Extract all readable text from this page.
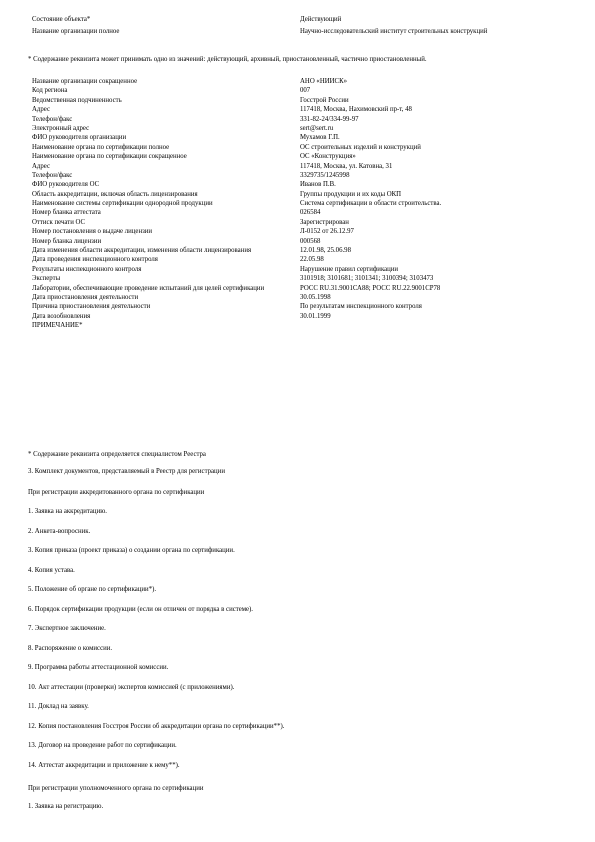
Состояние объекта*	Действующий
Название организации полное	Научно-исследовательский институт строительных конструкций
* Содержание реквизита может принимать одно из значений: действующий, архивный, приостановленный, частично приостановленный.
Название организации сокращенное	АНО «НИИСК»
Код региона	007
Ведомственная подчиненность	Госстрой России
Адрес	117418, Москва, Нахимовский пр-т, 48
Телефон/факс	331-82-24/334-99-97
Электронный адрес	sert@sert.ru
ФИО руководителя организации	Мухамов Г.П.
Наименование органа по сертификации полное	ОС строительных изделий и конструкций
Наименование органа по сертификации сокращенное	ОС «Конструкция»
Адрес	117418, Москва, ул. Катовна, 31
Телефон/факс	3329735/1245998
ФИО руководителя ОС	Иванов П.В.
Область аккредитации, включая область лицензирования	Группы продукции и их коды ОКП
Наименование системы сертификации однородной продукции	Система сертификации в области строительства.
Номер бланка аттестата	026584
Оттиск печати ОС	Зарегистрирован
Номер постановления о выдаче лицензии	Л-0152 от 26.12.97
Номер бланка лицензии	000568
Дата изменения области аккредитации, изменения области лицензирования	12.01.98, 25.06.98
Дата проведения инспекционного контроля	22.05.98
Результаты инспекционного контроля	Нарушение правил сертификации
Эксперты	3101918; 3101681; 3101341; 3100394; 3103473
Лаборатории, обеспечивающие проведение испытаний для целей сертификации	РОСС RU.31.9001СА88; РОСС RU.22.9001СР78
Дата приостановления деятельности	30.05.1998
Причина приостановления деятельности	По результатам инспекционного контроля
Дата возобновления	30.01.1999
ПРИМЕЧАНИЕ*
* Содержание реквизита определяется специалистом Реестра
3. Комплект документов, представляемый в Реестр для регистрации
При регистрации аккредитованного органа по сертификации
1. Заявка на аккредитацию.
2. Анкета-вопросник.
3. Копия приказа (проект приказа) о создании органа по сертификации.
4. Копия устава.
5. Положение об органе по сертификации*).
6. Порядок сертификации продукции (если он отличен от порядка в системе).
7. Экспертное заключение.
8. Распоряжение о комиссии.
9. Программа работы аттестационной комиссии.
10. Акт аттестации (проверки) экспертов комиссией (с приложениями).
11. Доклад на заявку.
12. Копия постановления Госстроя России об аккредитации органа по сертификации**).
13. Договор на проведение работ по сертификации.
14. Аттестат аккредитации и приложение к нему**).
При регистрации уполномоченного органа по сертификации
1. Заявка на регистрацию.
